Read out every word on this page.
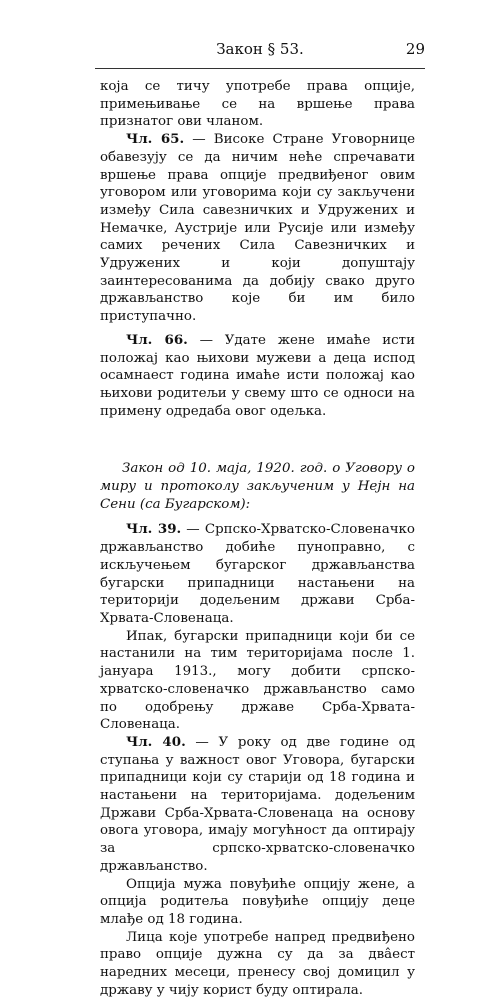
Закон § 53.	29

која се тичу употребе права опције, примењивање се на вршење права признатог ови чланом.

Чл. 65. — Високе Стране Уговорнице обавезују се да ничим неће спречавати вршење права опције предвиђеног овим уговором или уговорима који су закључени између Сила савезничких и Удружених и Немачке, Аустрије или Русије или између самих речених Сила Савезничких и Удружених и који допуштају заинтересованима да добију свако друго држављанство које би им било приступачно.

Чл. 66. — Удате жене имаће исти положај као њихови мужеви а деца испод осамнаест година имаће исти положај као њихови родитељи у свему што се односи на примену одредаба овог одељка.

Закон од 10. маја, 1920. год. о Уговору о миру и протоколу закљученим у Нејн на Сени (са Бугарском):

Чл. 39. — Српско-Хрватско-Словеначко држављанство добиће пуноправно, с искључењем бугарског држављанства бугарски припадници настањени на територији додељеним држави Срба-Хрвата-Словенаца.

Ипак, бугарски припадници који би се настанили на тим територијама после 1. јануара 1913., могу добити српско-хрватско-словеначко држављанство само по одобрењу државе Срба-Хрвата-Словенаца.

Чл. 40. — У року од две године од ступања у важност овог Уговора, бугарски припадници који су старији од 18 година и настањени на територијама. додељеним Држави Срба-Хрвата-Словенаца на основу овога уговора, имају могућност да оптирају за српско-хрватско-словеначко држављанство.

Опција мужа повуђиће опцију жене, а опција родитеља повуђиће опцију деце млађе од 18 година.

Лица које употребе напред предвиђено право опције дужна су да за два̂ест наредних месеци, пренесу свој домицил у државу у чију корист буду оптирала.
